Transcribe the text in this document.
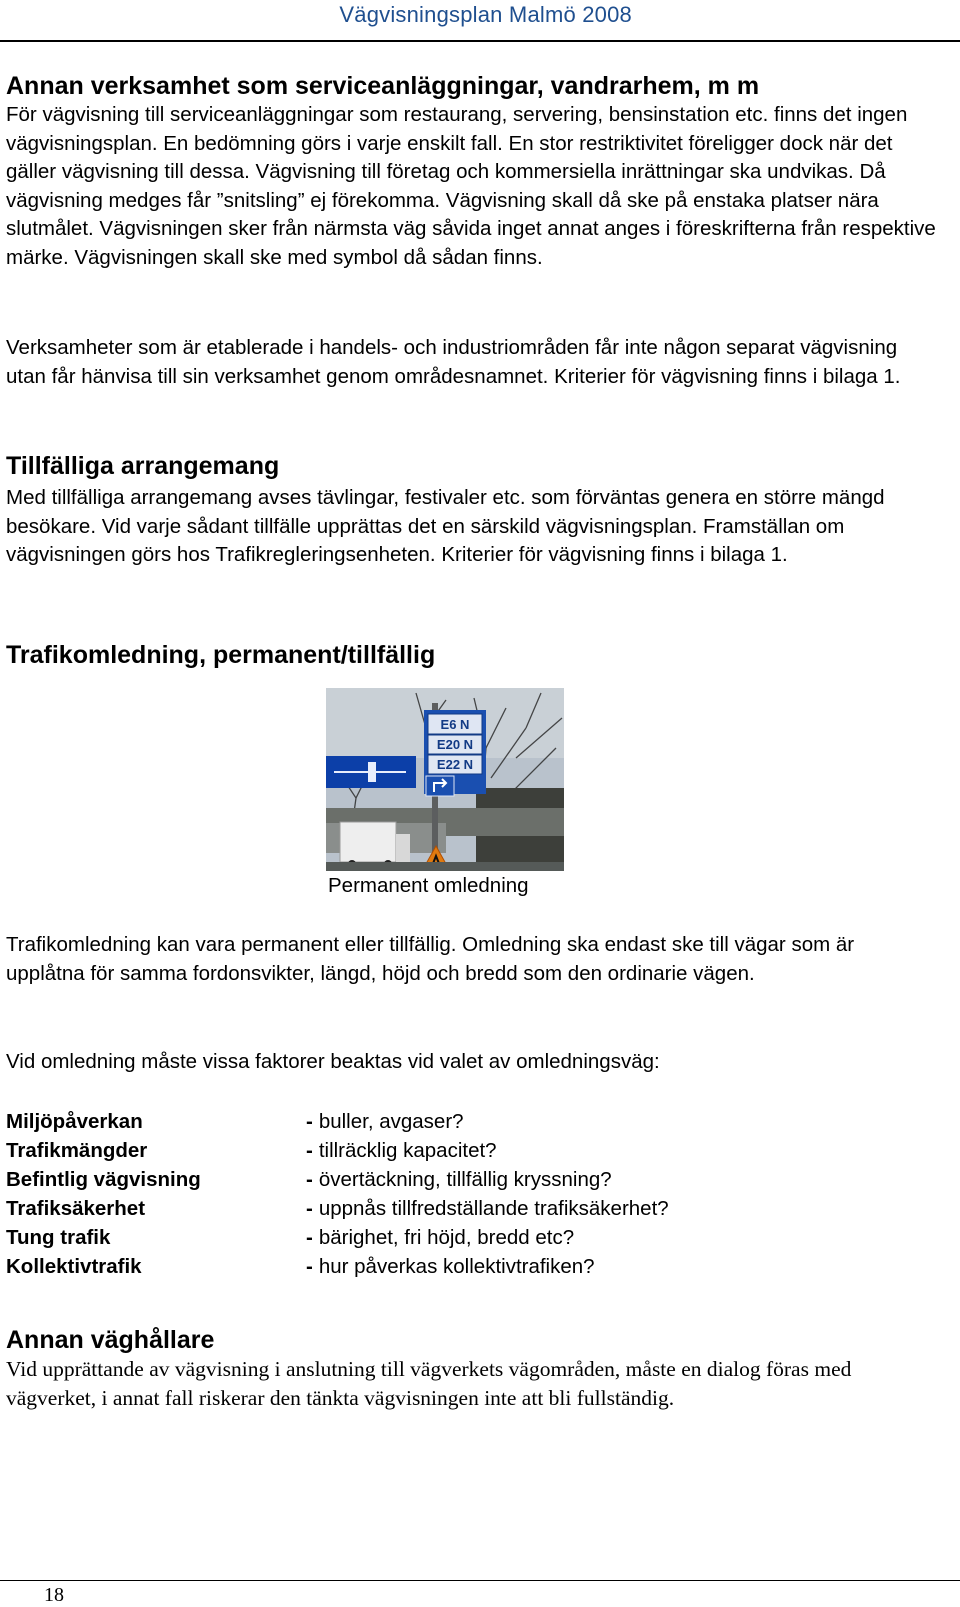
Vägvisningsplan Malmö 2008
Annan verksamhet som serviceanläggningar, vandrarhem, m m

För vägvisning till serviceanläggningar som restaurang, servering, bensinstation etc. finns det ingen vägvisningsplan. En bedömning görs i varje enskilt fall. En stor restriktivitet föreligger dock när det gäller vägvisning till dessa. Vägvisning till företag och kommersiella inrättningar ska undvikas. Då vägvisning medges får ”snitsling” ej förekomma. Vägvisning skall då ske på enstaka platser nära slutmålet. Vägvisningen sker från närmsta väg såvida inget annat anges i föreskrifterna från respektive märke. Vägvisningen skall ske med symbol då sådan finns.

Verksamheter som är etablerade i handels- och industriområden får inte någon separat vägvisning utan får hänvisa till sin verksamhet genom områdesnamnet. Kriterier för vägvisning finns i bilaga 1.

Tillfälliga arrangemang

Med tillfälliga arrangemang avses tävlingar, festivaler etc. som förväntas genera en större mängd besökare. Vid varje sådant tillfälle upprättas det en särskild vägvisningsplan. Framställan om vägvisningen görs hos Trafikregleringsenheten. Kriterier för vägvisning finns i bilaga 1.

Trafikomledning, permanent/tillfällig
E6 N
E20 N
E22 N
Permanent omledning

Trafikomledning kan vara permanent eller tillfällig. Omledning ska endast ske till vägar som är upplåtna för samma fordonsvikter, längd, höjd och bredd som den ordinarie vägen.

Vid omledning måste vissa faktorer beaktas vid valet av omledningsväg:

Miljöpåverkan	- buller, avgaser?
Trafikmängder	- tillräcklig kapacitet?
Befintlig vägvisning	- övertäckning, tillfällig kryssning?
Trafiksäkerhet	- uppnås tillfredställande trafiksäkerhet?
Tung trafik	- bärighet, fri höjd, bredd etc?
Kollektivtrafik	- hur påverkas kollektivtrafiken?
Annan väghållare

Vid upprättande av vägvisning i anslutning till vägverkets vägområden, måste en dialog föras med vägverket, i annat fall riskerar den tänkta vägvisningen inte att bli fullständig.

18
